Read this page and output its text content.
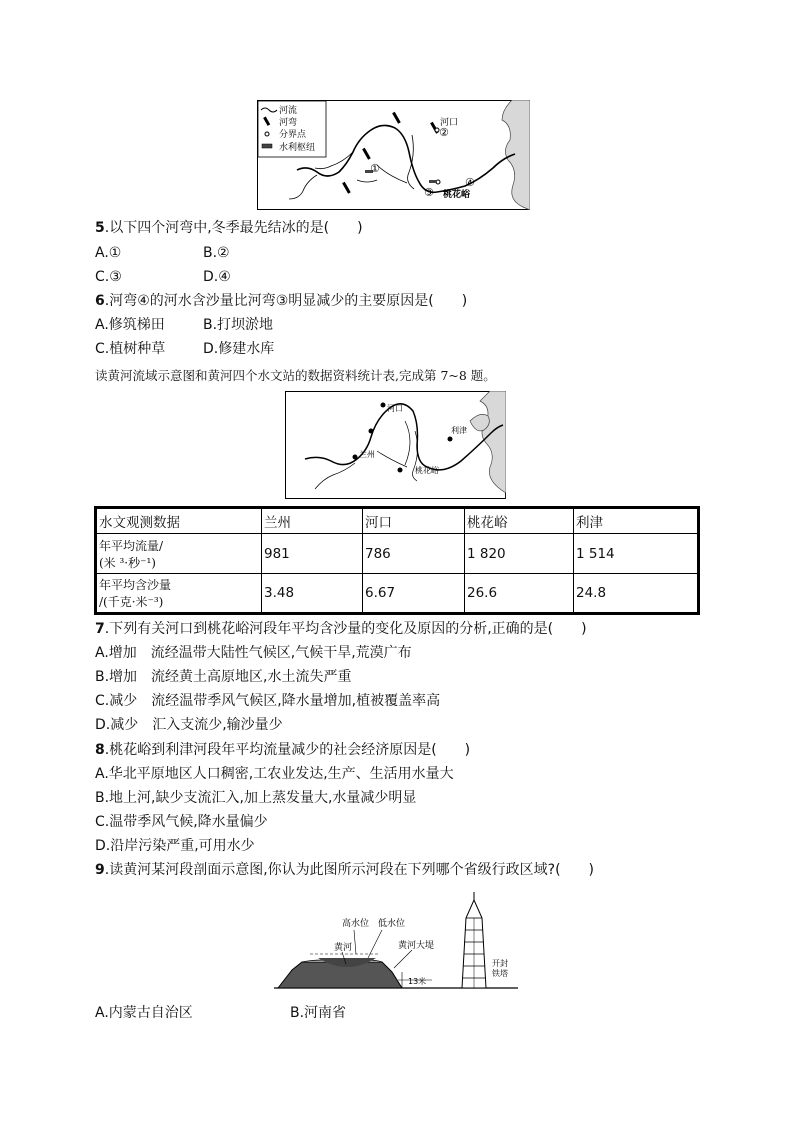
河流
河弯
分界点
水利枢纽
河口
②
①
③
④
桃花峪
5.以下四个河弯中,冬季最先结冰的是(　　)
A.①	B.②
C.③	D.④
6.河弯④的河水含沙量比河弯③明显减少的主要原因是(　　)
A.修筑梯田	B.打坝淤地
C.植树种草	D.修建水库
读黄河流域示意图和黄河四个水文站的数据资料统计表,完成第 7~8 题。
河口
兰州
桃花峪
利津
水文观测数据	兰州	河口	桃花峪	利津

年平均流量/
(米 ³·秒⁻¹)	981	786	1 820	1 514

年平均含沙量
/(千克·米⁻³)	3.48	6.67	26.6	24.8
7.下列有关河口到桃花峪河段年平均含沙量的变化及原因的分析,正确的是(　　)
A.增加　流经温带大陆性气候区,气候干旱,荒漠广布
B.增加　流经黄土高原地区,水土流失严重
C.减少　流经温带季风气候区,降水量增加,植被覆盖率高
D.减少　汇入支流少,输沙量少
8.桃花峪到利津河段年平均流量减少的社会经济原因是(　　)
A.华北平原地区人口稠密,工农业发达,生产、生活用水量大
B.地上河,缺少支流汇入,加上蒸发量大,水量减少明显
C.温带季风气候,降水量偏少
D.沿岸污染严重,可用水少
9.读黄河某河段剖面示意图,你认为此图所示河段在下列哪个省级行政区域?(　　)
高水位 低水位
黄河	黄河大堤
13米
开封
铁塔
A.内蒙古自治区	B.河南省
